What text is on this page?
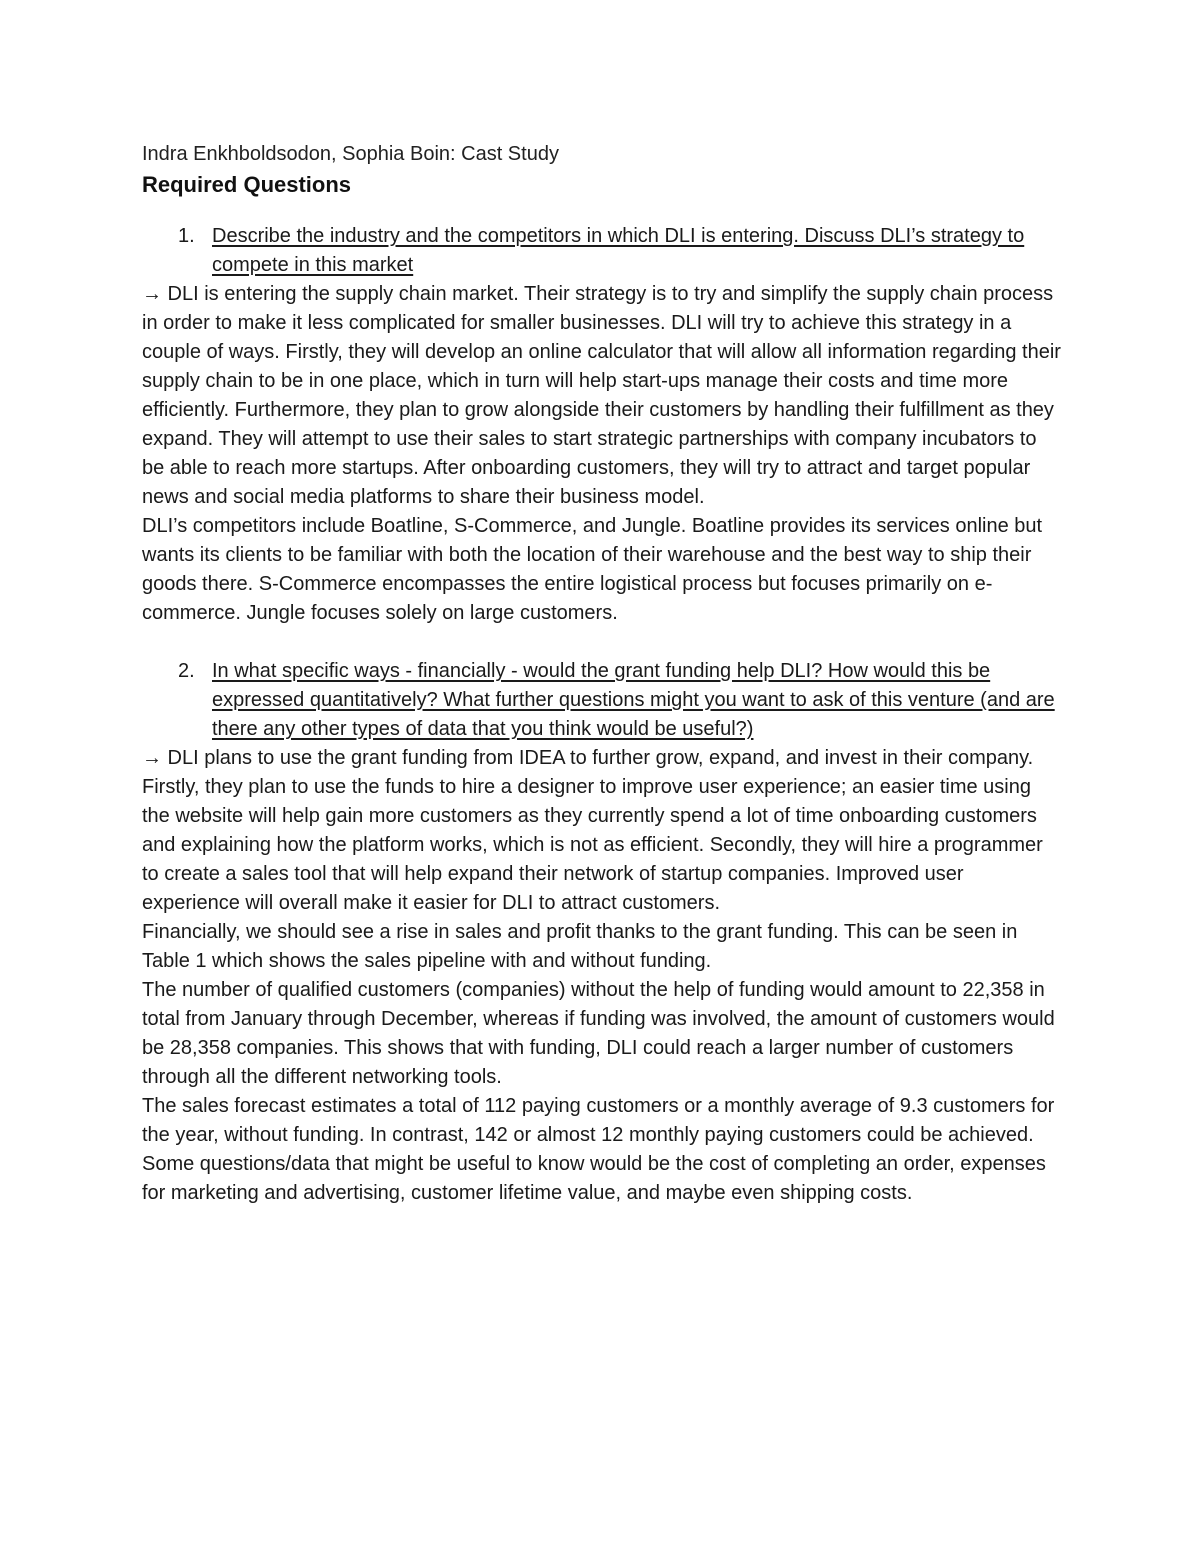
Indra Enkhboldsodon, Sophia Boin: Cast Study

Required Questions
1. Describe the industry and the competitors in which DLI is entering. Discuss DLI’s strategy to compete in this market

→ DLI is entering the supply chain market. Their strategy is to try and simplify the supply chain process in order to make it less complicated for smaller businesses. DLI will try to achieve this strategy in a couple of ways. Firstly, they will develop an online calculator that will allow all information regarding their supply chain to be in one place, which in turn will help start-ups manage their costs and time more efficiently. Furthermore, they plan to grow alongside their customers by handling their fulfillment as they expand. They will attempt to use their sales to start strategic partnerships with company incubators to be able to reach more startups. After onboarding customers, they will try to attract and target popular news and social media platforms to share their business model.

DLI’s competitors include Boatline, S-Commerce, and Jungle. Boatline provides its services online but wants its clients to be familiar with both the location of their warehouse and the best way to ship their goods there. S-Commerce encompasses the entire logistical process but focuses primarily on e-commerce. Jungle focuses solely on large customers.

2. In what specific ways - financially - would the grant funding help DLI? How would this be expressed quantitatively? What further questions might you want to ask of this venture (and are there any other types of data that you think would be useful?)

→ DLI plans to use the grant funding from IDEA to further grow, expand, and invest in their company. Firstly, they plan to use the funds to hire a designer to improve user experience; an easier time using the website will help gain more customers as they currently spend a lot of time onboarding customers and explaining how the platform works, which is not as efficient. Secondly, they will hire a programmer to create a sales tool that will help expand their network of startup companies. Improved user experience will overall make it easier for DLI to attract customers.

Financially, we should see a rise in sales and profit thanks to the grant funding. This can be seen in Table 1 which shows the sales pipeline with and without funding.

The number of qualified customers (companies) without the help of funding would amount to 22,358 in total from January through December, whereas if funding was involved, the amount of customers would be 28,358 companies. This shows that with funding, DLI could reach a larger number of customers through all the different networking tools.

The sales forecast estimates a total of 112 paying customers or a monthly average of 9.3 customers for the year, without funding. In contrast, 142 or almost 12 monthly paying customers could be achieved.

Some questions/data that might be useful to know would be the cost of completing an order, expenses for marketing and advertising, customer lifetime value, and maybe even shipping costs.
